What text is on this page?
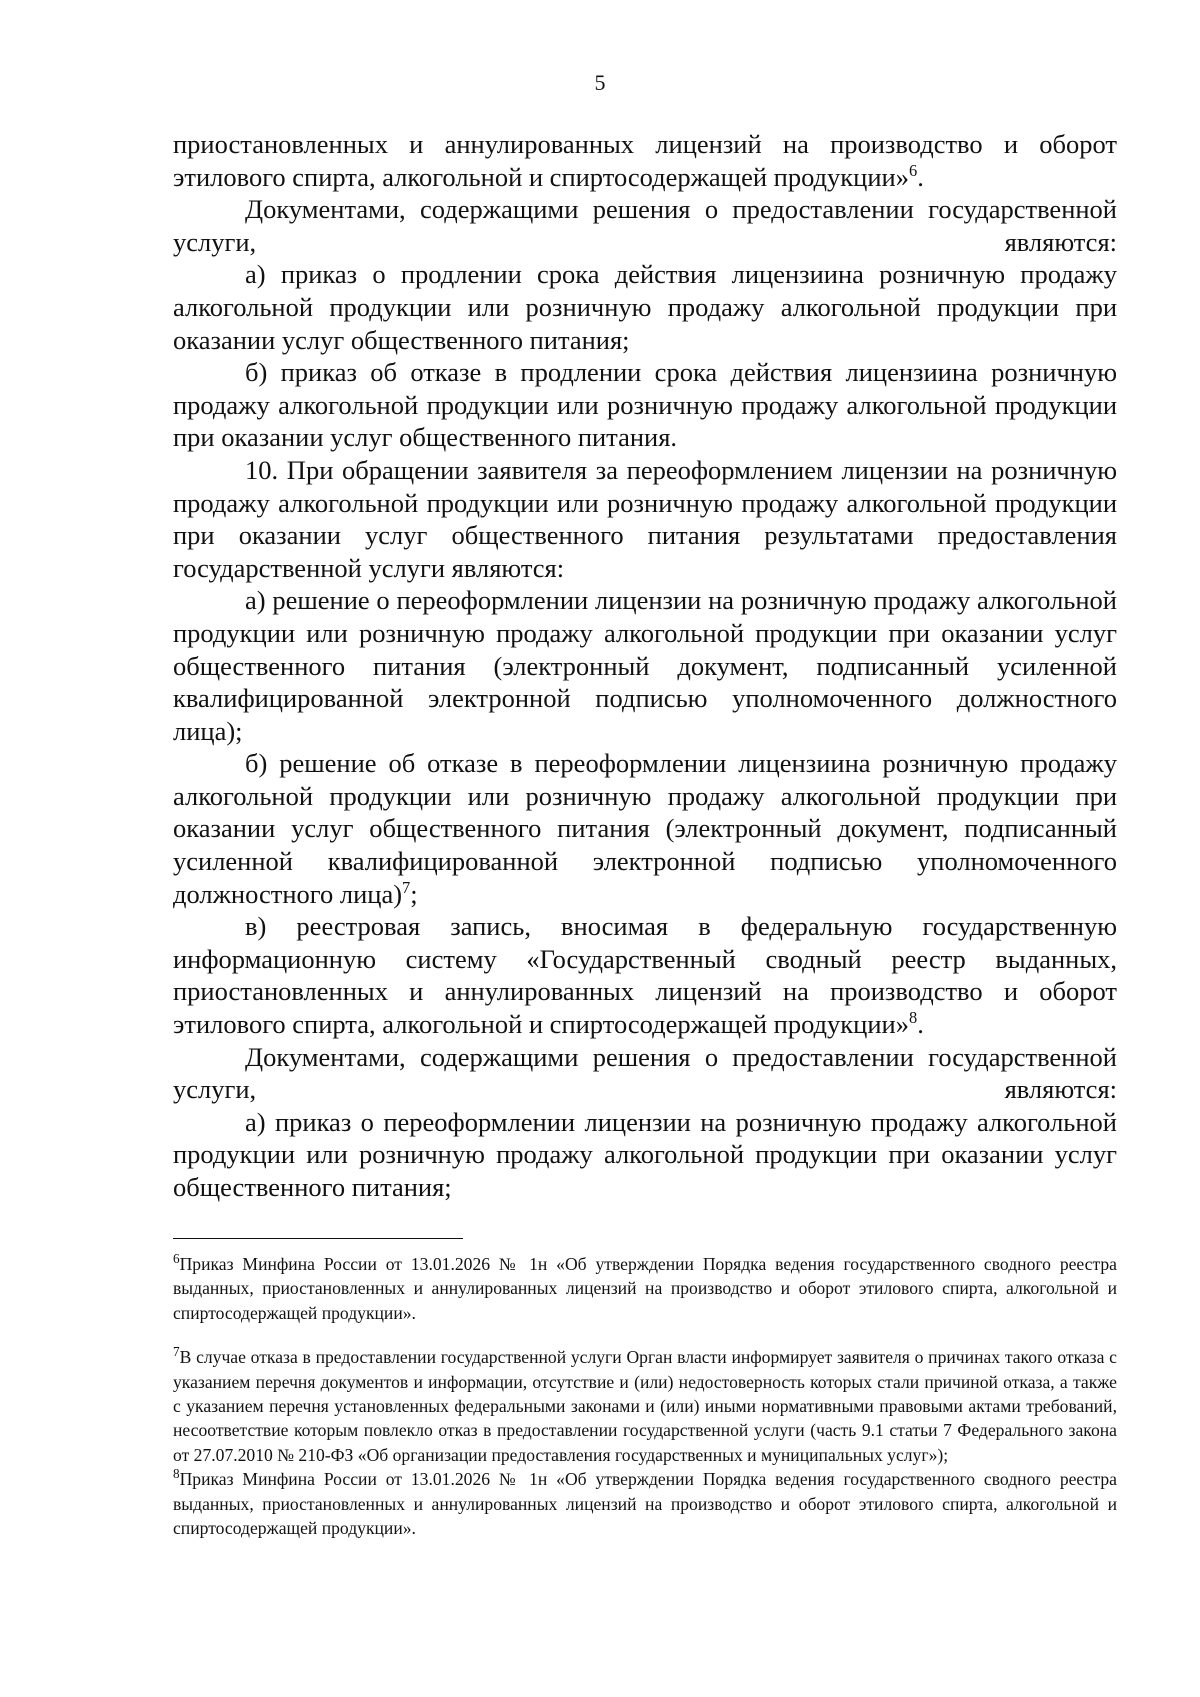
5

приостановленных и аннулированных лицензий на производство и оборот этилового спирта, алкогольной и спиртосодержащей продукции»$^6$.

Документами, содержащими решения о предоставлении государственной услуги, являются:

а) приказ о продлении срока действия лицензиина розничную продажу алкогольной продукции или розничную продажу алкогольной продукции при оказании услуг общественного питания;

б) приказ об отказе в продлении срока действия лицензиина розничную продажу алкогольной продукции или розничную продажу алкогольной продукции при оказании услуг общественного питания.

10. При обращении заявителя за переоформлением лицензии на розничную продажу алкогольной продукции или розничную продажу алкогольной продукции при оказании услуг общественного питания результатами предоставления государственной услуги являются:

а) решение о переоформлении лицензии на розничную продажу алкогольной продукции или розничную продажу алкогольной продукции при оказании услуг общественного питания (электронный документ, подписанный усиленной квалифицированной электронной подписью уполномоченного должностного лица);

б) решение об отказе в переоформлении лицензиина розничную продажу алкогольной продукции или розничную продажу алкогольной продукции при оказании услуг общественного питания (электронный документ, подписанный усиленной квалифицированной электронной подписью уполномоченного должностного лица)$^7$;

в) реестровая запись, вносимая в федеральную государственную информационную систему «Государственный сводный реестр выданных, приостановленных и аннулированных лицензий на производство и оборот этилового спирта, алкогольной и спиртосодержащей продукции»$^8$.

Документами, содержащими решения о предоставлении государственной услуги, являются:

а) приказ о переоформлении лицензии на розничную продажу алкогольной продукции или розничную продажу алкогольной продукции при оказании услуг общественного питания;

$^6$Приказ Минфина России от 13.01.2026 № 1н «Об утверждении Порядка ведения государственного сводного реестра выданных, приостановленных и аннулированных лицензий на производство и оборот этилового спирта, алкогольной и спиртосодержащей продукции».

$^7$В случае отказа в предоставлении государственной услуги Орган власти информирует заявителя о причинах такого отказа с указанием перечня документов и информации, отсутствие и (или) недостоверность которых стали причиной отказа, а также с указанием перечня установленных федеральными законами и (или) иными нормативными правовыми актами требований, несоответствие которым повлекло отказ в предоставлении государственной услуги (часть 9.1 статьи 7 Федерального закона от 27.07.2010 № 210-ФЗ «Об организации предоставления государственных и муниципальных услуг»);

$^8$Приказ Минфина России от 13.01.2026 № 1н «Об утверждении Порядка ведения государственного сводного реестра выданных, приостановленных и аннулированных лицензий на производство и оборот этилового спирта, алкогольной и спиртосодержащей продукции».
